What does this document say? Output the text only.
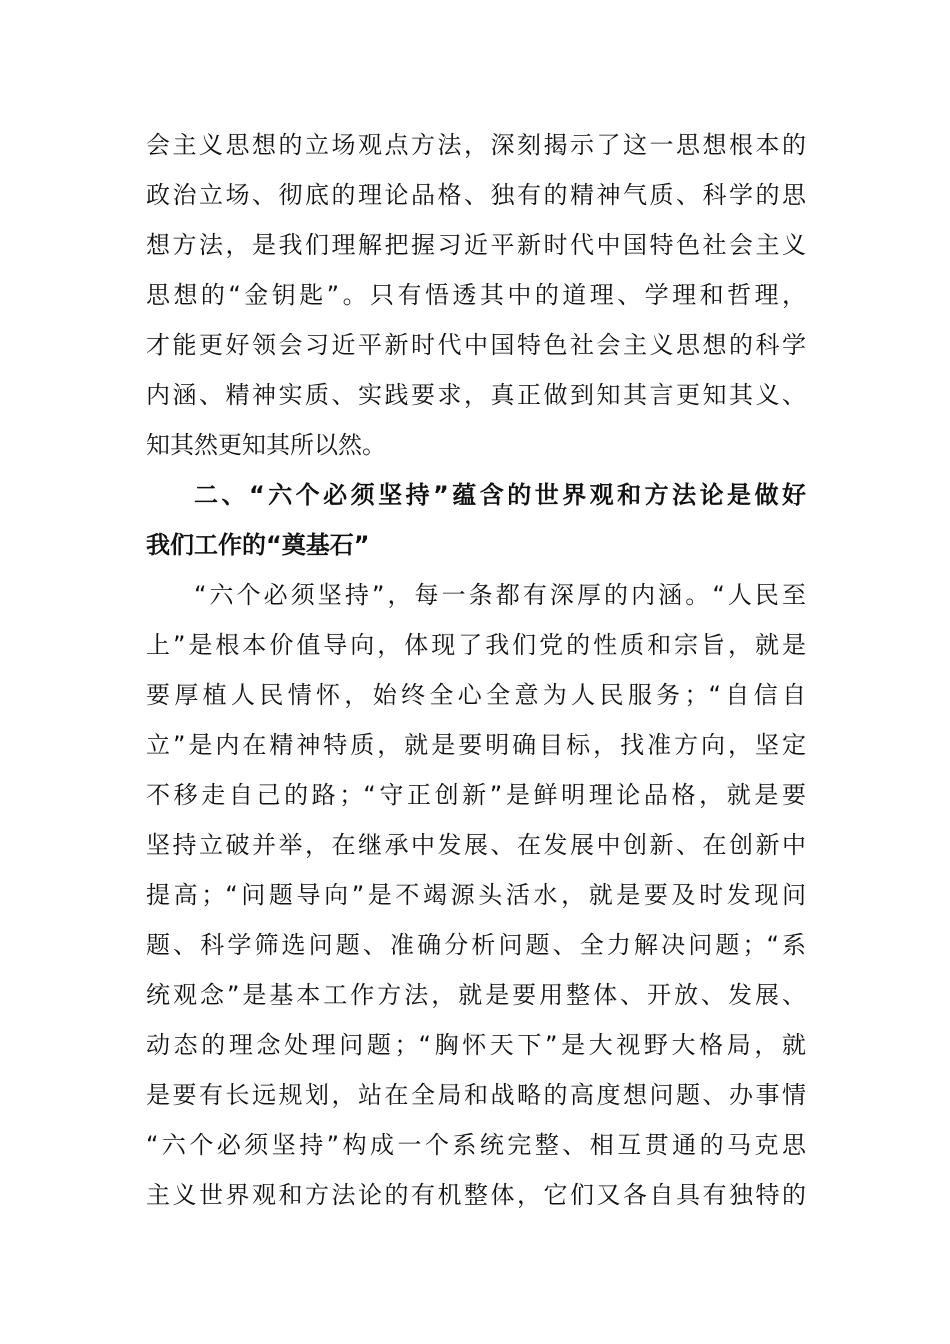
会主义思想的立场观点方法，深刻揭示了这一思想根本的
政治立场、彻底的理论品格、独有的精神气质、科学的思
想方法，是我们理解把握习近平新时代中国特色社会主义
思想的“金钥匙”。只有悟透其中的道理、学理和哲理，
才能更好领会习近平新时代中国特色社会主义思想的科学
内涵、精神实质、实践要求，真正做到知其言更知其义、
知其然更知其所以然。
二、“六个必须坚持”蕴含的世界观和方法论是做好
我们工作的“奠基石”
“六个必须坚持”，每一条都有深厚的内涵。“人民至
上”是根本价值导向，体现了我们党的性质和宗旨，就是
要厚植人民情怀，始终全心全意为人民服务；“自信自
立”是内在精神特质，就是要明确目标，找准方向，坚定
不移走自己的路；“守正创新”是鲜明理论品格，就是要
坚持立破并举，在继承中发展、在发展中创新、在创新中
提高；“问题导向”是不竭源头活水，就是要及时发现问
题、科学筛选问题、准确分析问题、全力解决问题；“系
统观念”是基本工作方法，就是要用整体、开放、发展、
动态的理念处理问题；“胸怀天下”是大视野大格局，就
是要有长远规划，站在全局和战略的高度想问题、办事情
“六个必须坚持”构成一个系统完整、相互贯通的马克思
主义世界观和方法论的有机整体，它们又各自具有独特的
